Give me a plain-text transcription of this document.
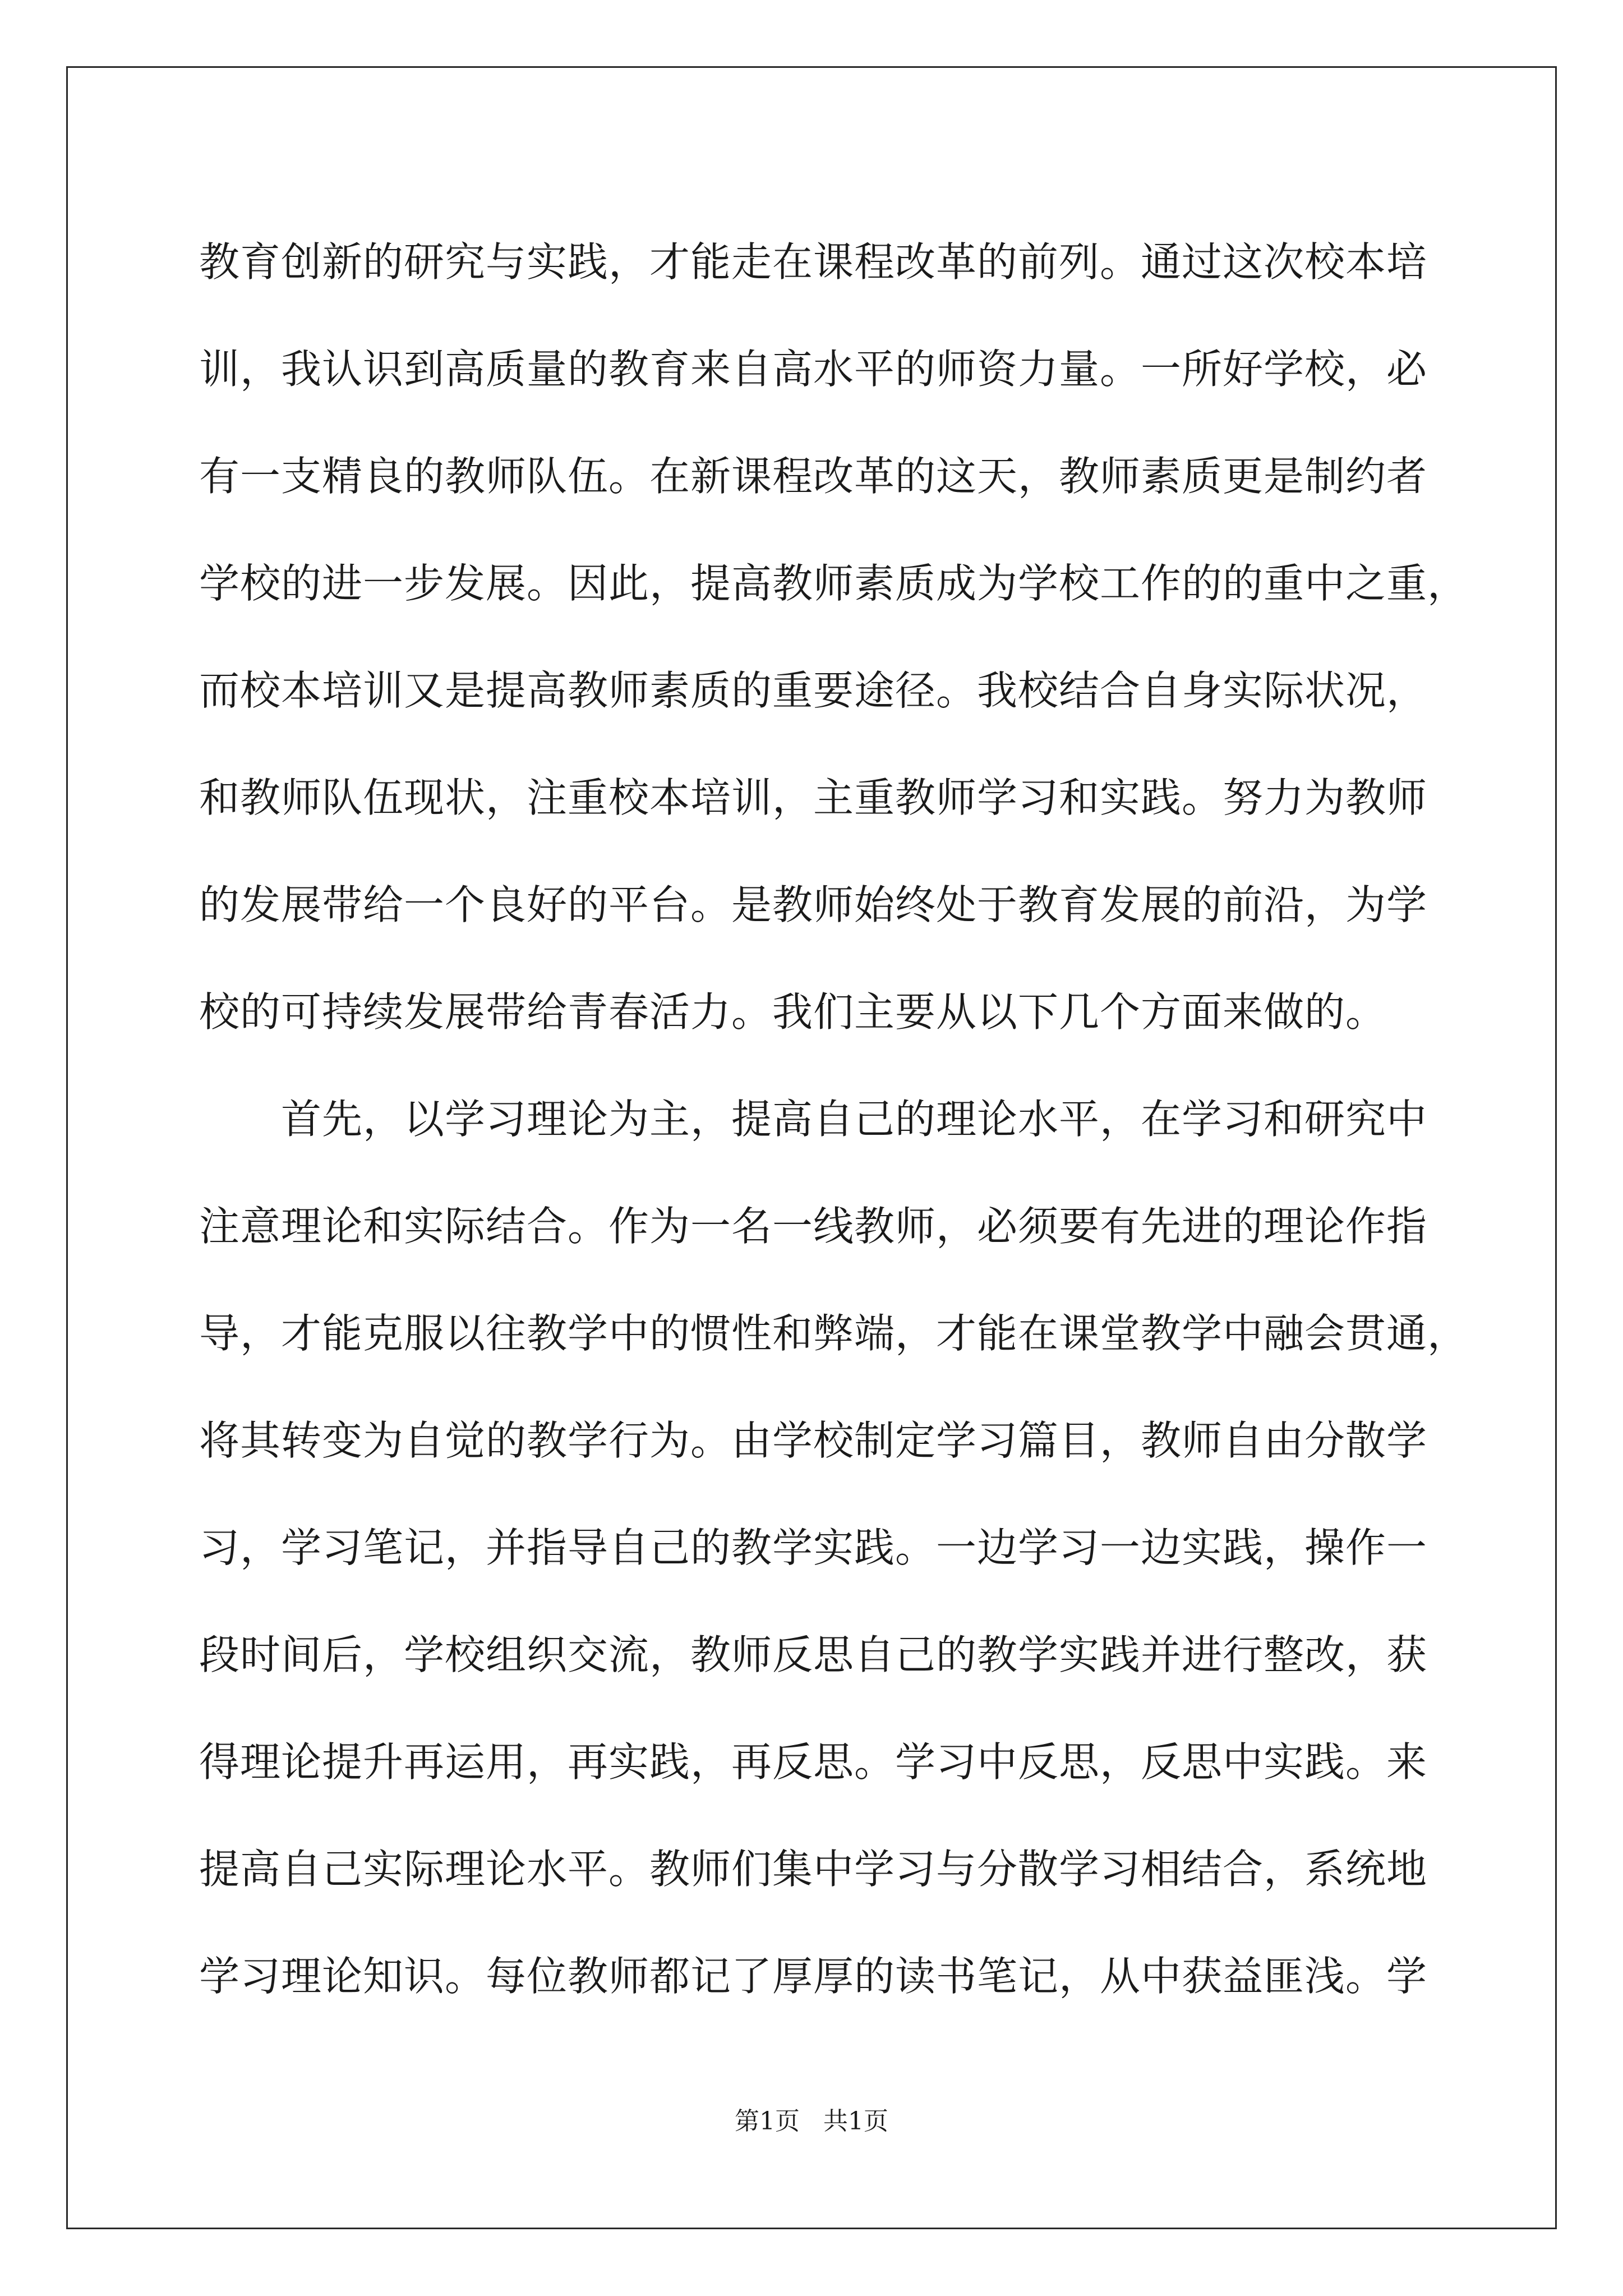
教育创新的研究与实践，才能走在课程改革的前列。通过这次校本培
训，我认识到高质量的教育来自高水平的师资力量。一所好学校，必
有一支精良的教师队伍。在新课程改革的这天，教师素质更是制约者
学校的进一步发展。因此，提高教师素质成为学校工作的的重中之重，
而校本培训又是提高教师素质的重要途径。我校结合自身实际状况，
和教师队伍现状，注重校本培训，主重教师学习和实践。努力为教师
的发展带给一个良好的平台。是教师始终处于教育发展的前沿，为学
校的可持续发展带给青春活力。我们主要从以下几个方面来做的。
首先，以学习理论为主，提高自己的理论水平，在学习和研究中
注意理论和实际结合。作为一名一线教师，必须要有先进的理论作指
导，才能克服以往教学中的惯性和弊端，才能在课堂教学中融会贯通，
将其转变为自觉的教学行为。由学校制定学习篇目，教师自由分散学
习，学习笔记，并指导自己的教学实践。一边学习一边实践，操作一
段时间后，学校组织交流，教师反思自己的教学实践并进行整改，获
得理论提升再运用，再实践，再反思。学习中反思，反思中实践。来
提高自己实际理论水平。教师们集中学习与分散学习相结合，系统地
学习理论知识。每位教师都记了厚厚的读书笔记，从中获益匪浅。学
第1页 共1页
